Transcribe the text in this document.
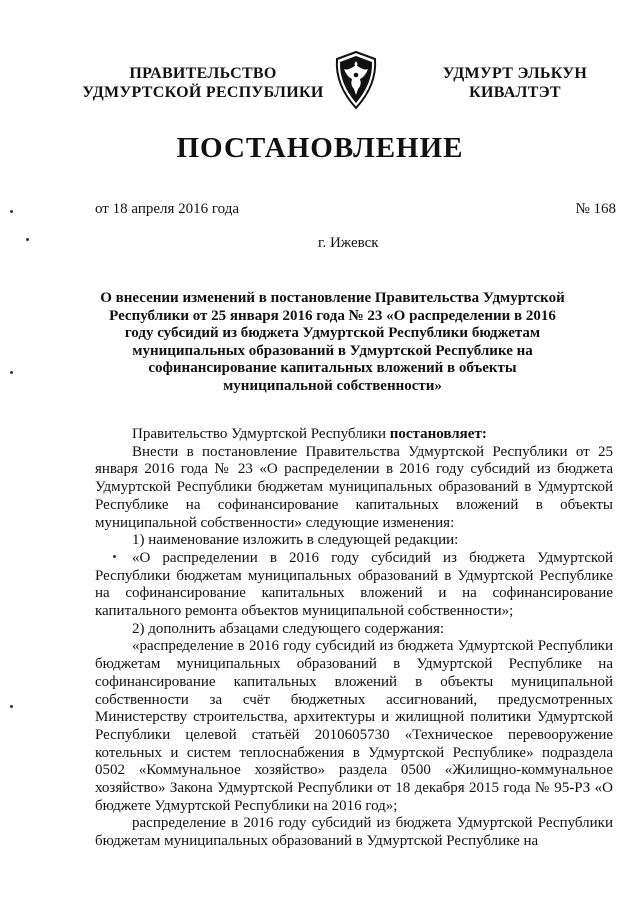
ПРАВИТЕЛЬСТВО
УДМУРТСКОЙ РЕСПУБЛИКИ
УДМУРТ ЭЛЬКУН
КИВАЛТЭТ
ПОСТАНОВЛЕНИЕ
от 18 апреля 2016 года	№ 168
г. Ижевск
О внесении изменений в постановление Правительства Удмуртской Республики от 25 января 2016 года № 23 «О распределении в 2016 году субсидий из бюджета Удмуртской Республики бюджетам муниципальных образований в Удмуртской Республике на софинансирование капитальных вложений в объекты муниципальной собственности»

Правительство Удмуртской Республики постановляет:

Внести в постановление Правительства Удмуртской Республики от 25 января 2016 года № 23 «О распределении в 2016 году субсидий из бюджета Удмуртской Республики бюджетам муниципальных образований в Удмуртской Республике на софинансирование капитальных вложений в объекты муниципальной собственности» следующие изменения:

1) наименование изложить в следующей редакции:

«О распределении в 2016 году субсидий из бюджета Удмуртской Республики бюджетам муниципальных образований в Удмуртской Республике на софинансирование капитальных вложений и на софинансирование капитального ремонта объектов муниципальной собственности»;

2) дополнить абзацами следующего содержания:

«распределение в 2016 году субсидий из бюджета Удмуртской Республики бюджетам муниципальных образований в Удмуртской Республике на софинансирование капитальных вложений в объекты муниципальной собственности за счёт бюджетных ассигнований, предусмотренных Министерству строительства, архитектуры и жилищной политики Удмуртской Республики целевой статьёй 2010605730 «Техническое перевооружение котельных и систем теплоснабжения в Удмуртской Республике» подраздела 0502 «Коммунальное хозяйство» раздела 0500 «Жилищно-коммунальное хозяйство» Закона Удмуртской Республики от 18 декабря 2015 года № 95-РЗ «О бюджете Удмуртской Республики на 2016 год»;

распределение в 2016 году субсидий из бюджета Удмуртской Республики бюджетам муниципальных образований в Удмуртской Республике на
